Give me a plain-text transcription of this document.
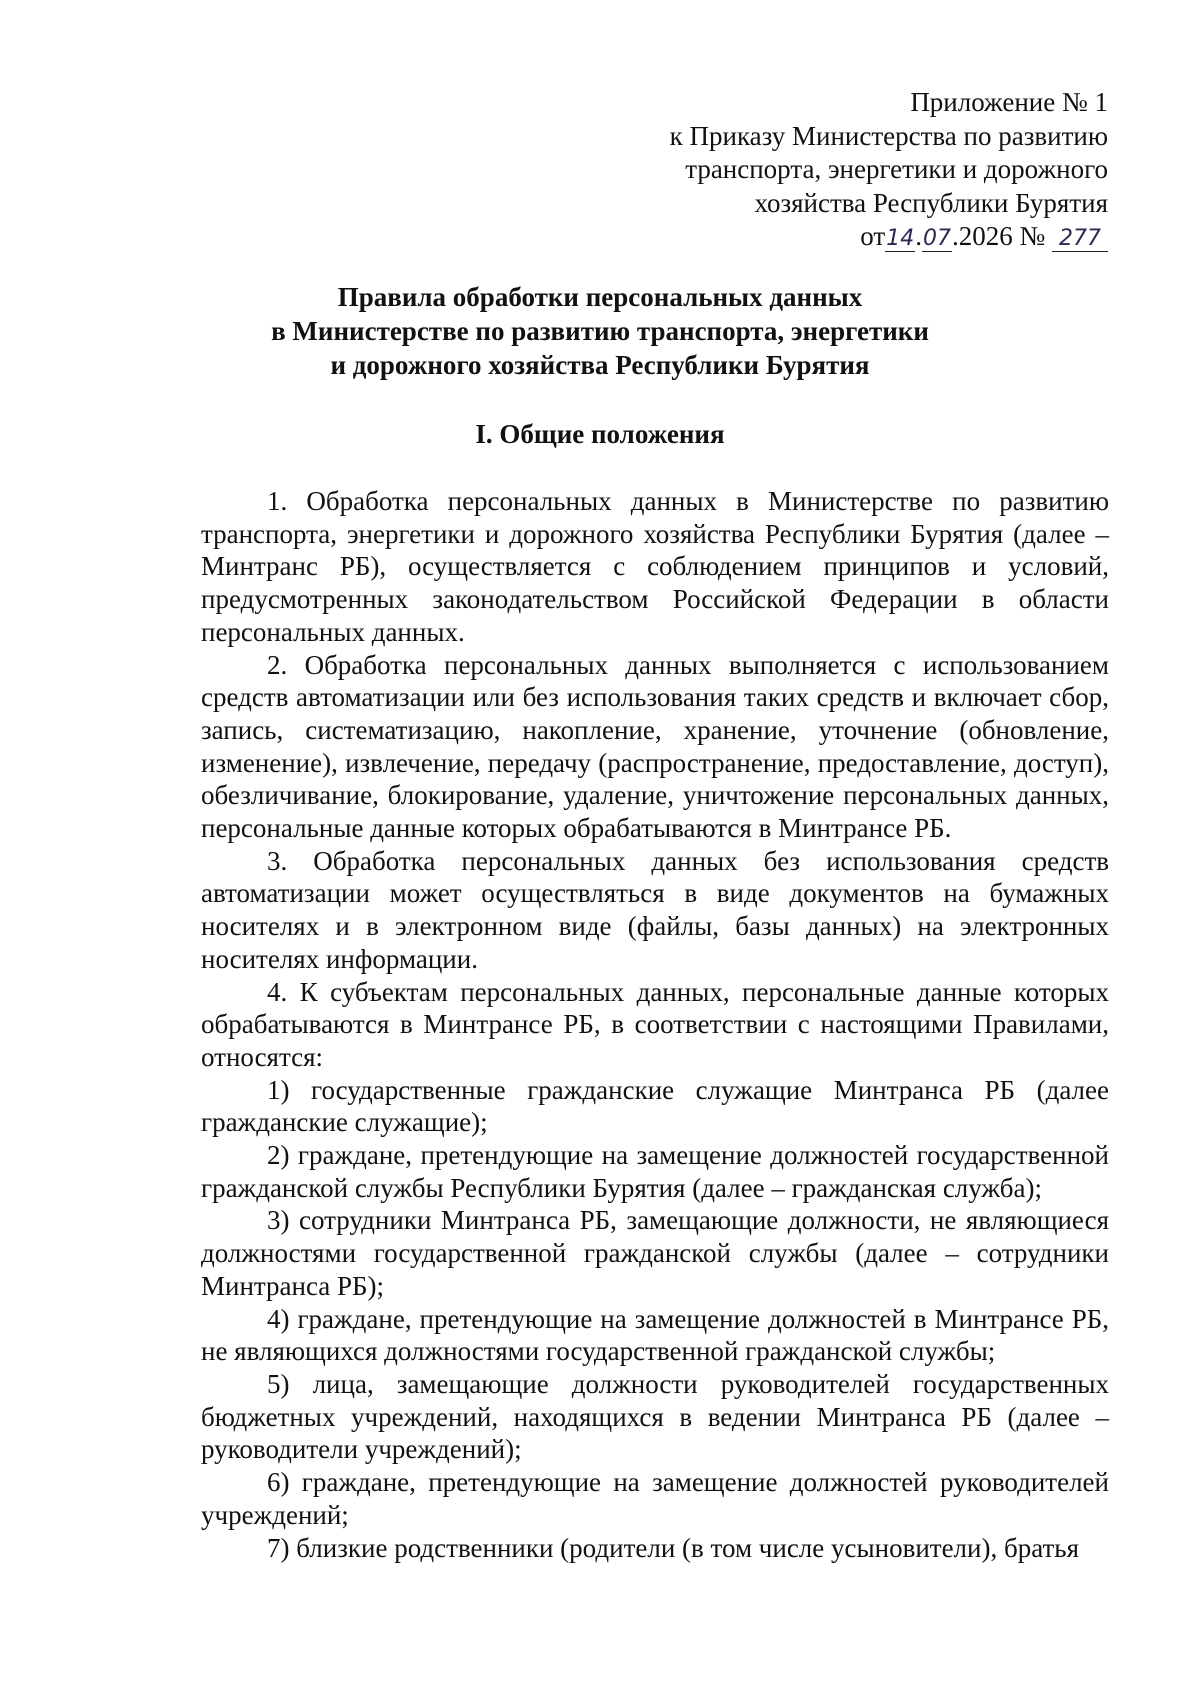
Приложение № 1
к Приказу Министерства по развитию
транспорта, энергетики и дорожного
хозяйства Республики Бурятия
от14.07.2026 № 277
Правила обработки персональных данных
в Министерстве по развитию транспорта, энергетики
и дорожного хозяйства Республики Бурятия
I. Общие положения

1. Обработка персональных данных в Министерстве по развитию транспорта, энергетики и дорожного хозяйства Республики Бурятия (далее – Минтранс РБ), осуществляется с соблюдением принципов и условий, предусмотренных законодательством Российской Федерации в области персональных данных.

2. Обработка персональных данных выполняется с использованием средств автоматизации или без использования таких средств и включает сбор, запись, систематизацию, накопление, хранение, уточнение (обновление, изменение), извлечение, передачу (распространение, предоставление, доступ), обезличивание, блокирование, удаление, уничтожение персональных данных, персональные данные которых обрабатываются в Минтрансе РБ.

3. Обработка персональных данных без использования средств автоматизации может осуществляться в виде документов на бумажных носителях и в электронном виде (файлы, базы данных) на электронных носителях информации.

4. К субъектам персональных данных, персональные данные которых обрабатываются в Минтрансе РБ, в соответствии с настоящими Правилами, относятся:

1) государственные гражданские служащие Минтранса РБ (далее гражданские служащие);

2) граждане, претендующие на замещение должностей государственной гражданской службы Республики Бурятия (далее – гражданская служба);

3) сотрудники Минтранса РБ, замещающие должности, не являющиеся должностями государственной гражданской службы (далее – сотрудники Минтранса РБ);

4) граждане, претендующие на замещение должностей в Минтрансе РБ, не являющихся должностями государственной гражданской службы;

5) лица, замещающие должности руководителей государственных бюджетных учреждений, находящихся в ведении Минтранса РБ (далее – руководители учреждений);

6) граждане, претендующие на замещение должностей руководителей учреждений;

7) близкие родственники (родители (в том числе усыновители), братья
